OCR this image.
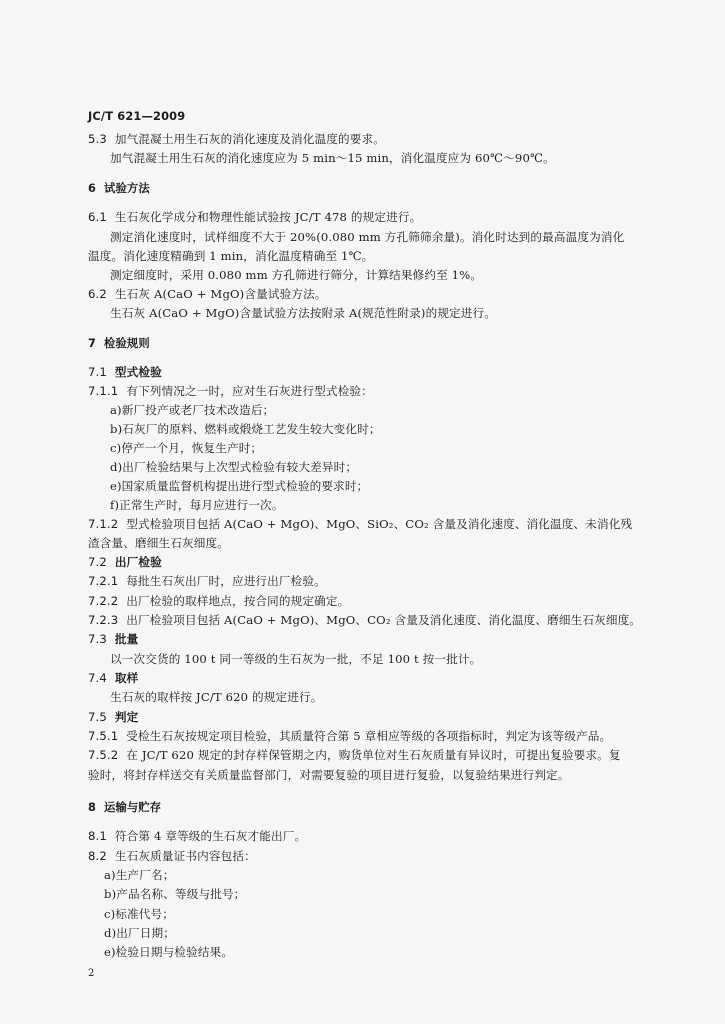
JC/T 621—2009
5.3 加气混凝土用生石灰的消化速度及消化温度的要求。
加气混凝土用生石灰的消化速度应为 5 min～15 min，消化温度应为 60℃～90℃。
6 试验方法
6.1 生石灰化学成分和物理性能试验按 JC/T 478 的规定进行。
测定消化速度时，试样细度不大于 20%(0.080 mm 方孔筛筛余量)。消化时达到的最高温度为消化
温度。消化速度精确到 1 min，消化温度精确至 1℃。
测定细度时，采用 0.080 mm 方孔筛进行筛分，计算结果修约至 1%。
6.2 生石灰 A(CaO + MgO)含量试验方法。
生石灰 A(CaO + MgO)含量试验方法按附录 A(规范性附录)的规定进行。
7 检验规则
7.1 型式检验
7.1.1 有下列情况之一时，应对生石灰进行型式检验：
a)新厂投产或老厂技术改造后；
b)石灰厂的原料、燃料或煅烧工艺发生较大变化时；
c)停产一个月，恢复生产时；
d)出厂检验结果与上次型式检验有较大差异时；
e)国家质量监督机构提出进行型式检验的要求时；
f)正常生产时，每月应进行一次。
7.1.2 型式检验项目包括 A(CaO + MgO)、MgO、SiO₂、CO₂ 含量及消化速度、消化温度、未消化残
渣含量、磨细生石灰细度。
7.2 出厂检验
7.2.1 每批生石灰出厂时，应进行出厂检验。
7.2.2 出厂检验的取样地点，按合同的规定确定。
7.2.3 出厂检验项目包括 A(CaO + MgO)、MgO、CO₂ 含量及消化速度、消化温度、磨细生石灰细度。
7.3 批量
以一次交货的 100 t 同一等级的生石灰为一批，不足 100 t 按一批计。
7.4 取样
生石灰的取样按 JC/T 620 的规定进行。
7.5 判定
7.5.1 受检生石灰按规定项目检验，其质量符合第 5 章相应等级的各项指标时，判定为该等级产品。
7.5.2 在 JC/T 620 规定的封存样保管期之内，购货单位对生石灰质量有异议时，可提出复验要求。复
验时，将封存样送交有关质量监督部门，对需要复验的项目进行复验，以复验结果进行判定。
8 运输与贮存
8.1 符合第 4 章等级的生石灰才能出厂。
8.2 生石灰质量证书内容包括：
a)生产厂名；
b)产品名称、等级与批号；
c)标准代号；
d)出厂日期；
e)检验日期与检验结果。
2
